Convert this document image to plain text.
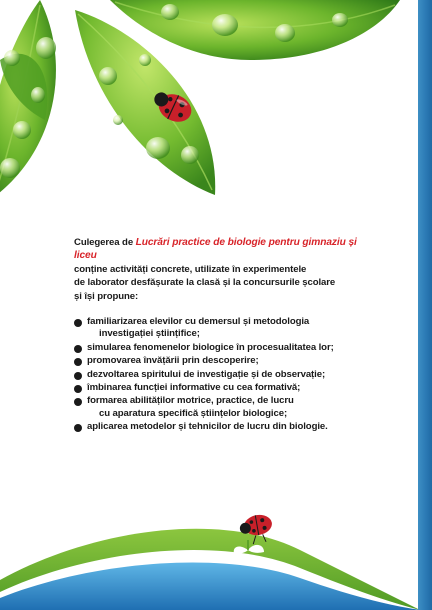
Culegerea de Lucrări practice de biologie pentru gimnaziu și liceu

conține activități concrete, utilizate în experimentele

de laborator desfășurate la clasă și la concursurile școlare

și își propune:

familiarizarea elevilor cu demersul și metodologia
investigației științifice;
simularea fenomenelor biologice în procesualitatea lor;
promovarea învățării prin descoperire;
dezvoltarea spiritului de investigație și de observație;
îmbinarea funcției informative cu cea formativă;
formarea abilităților motrice, practice, de lucru
cu aparatura specifică științelor biologice;
aplicarea metodelor și tehnicilor de lucru din biologie.
